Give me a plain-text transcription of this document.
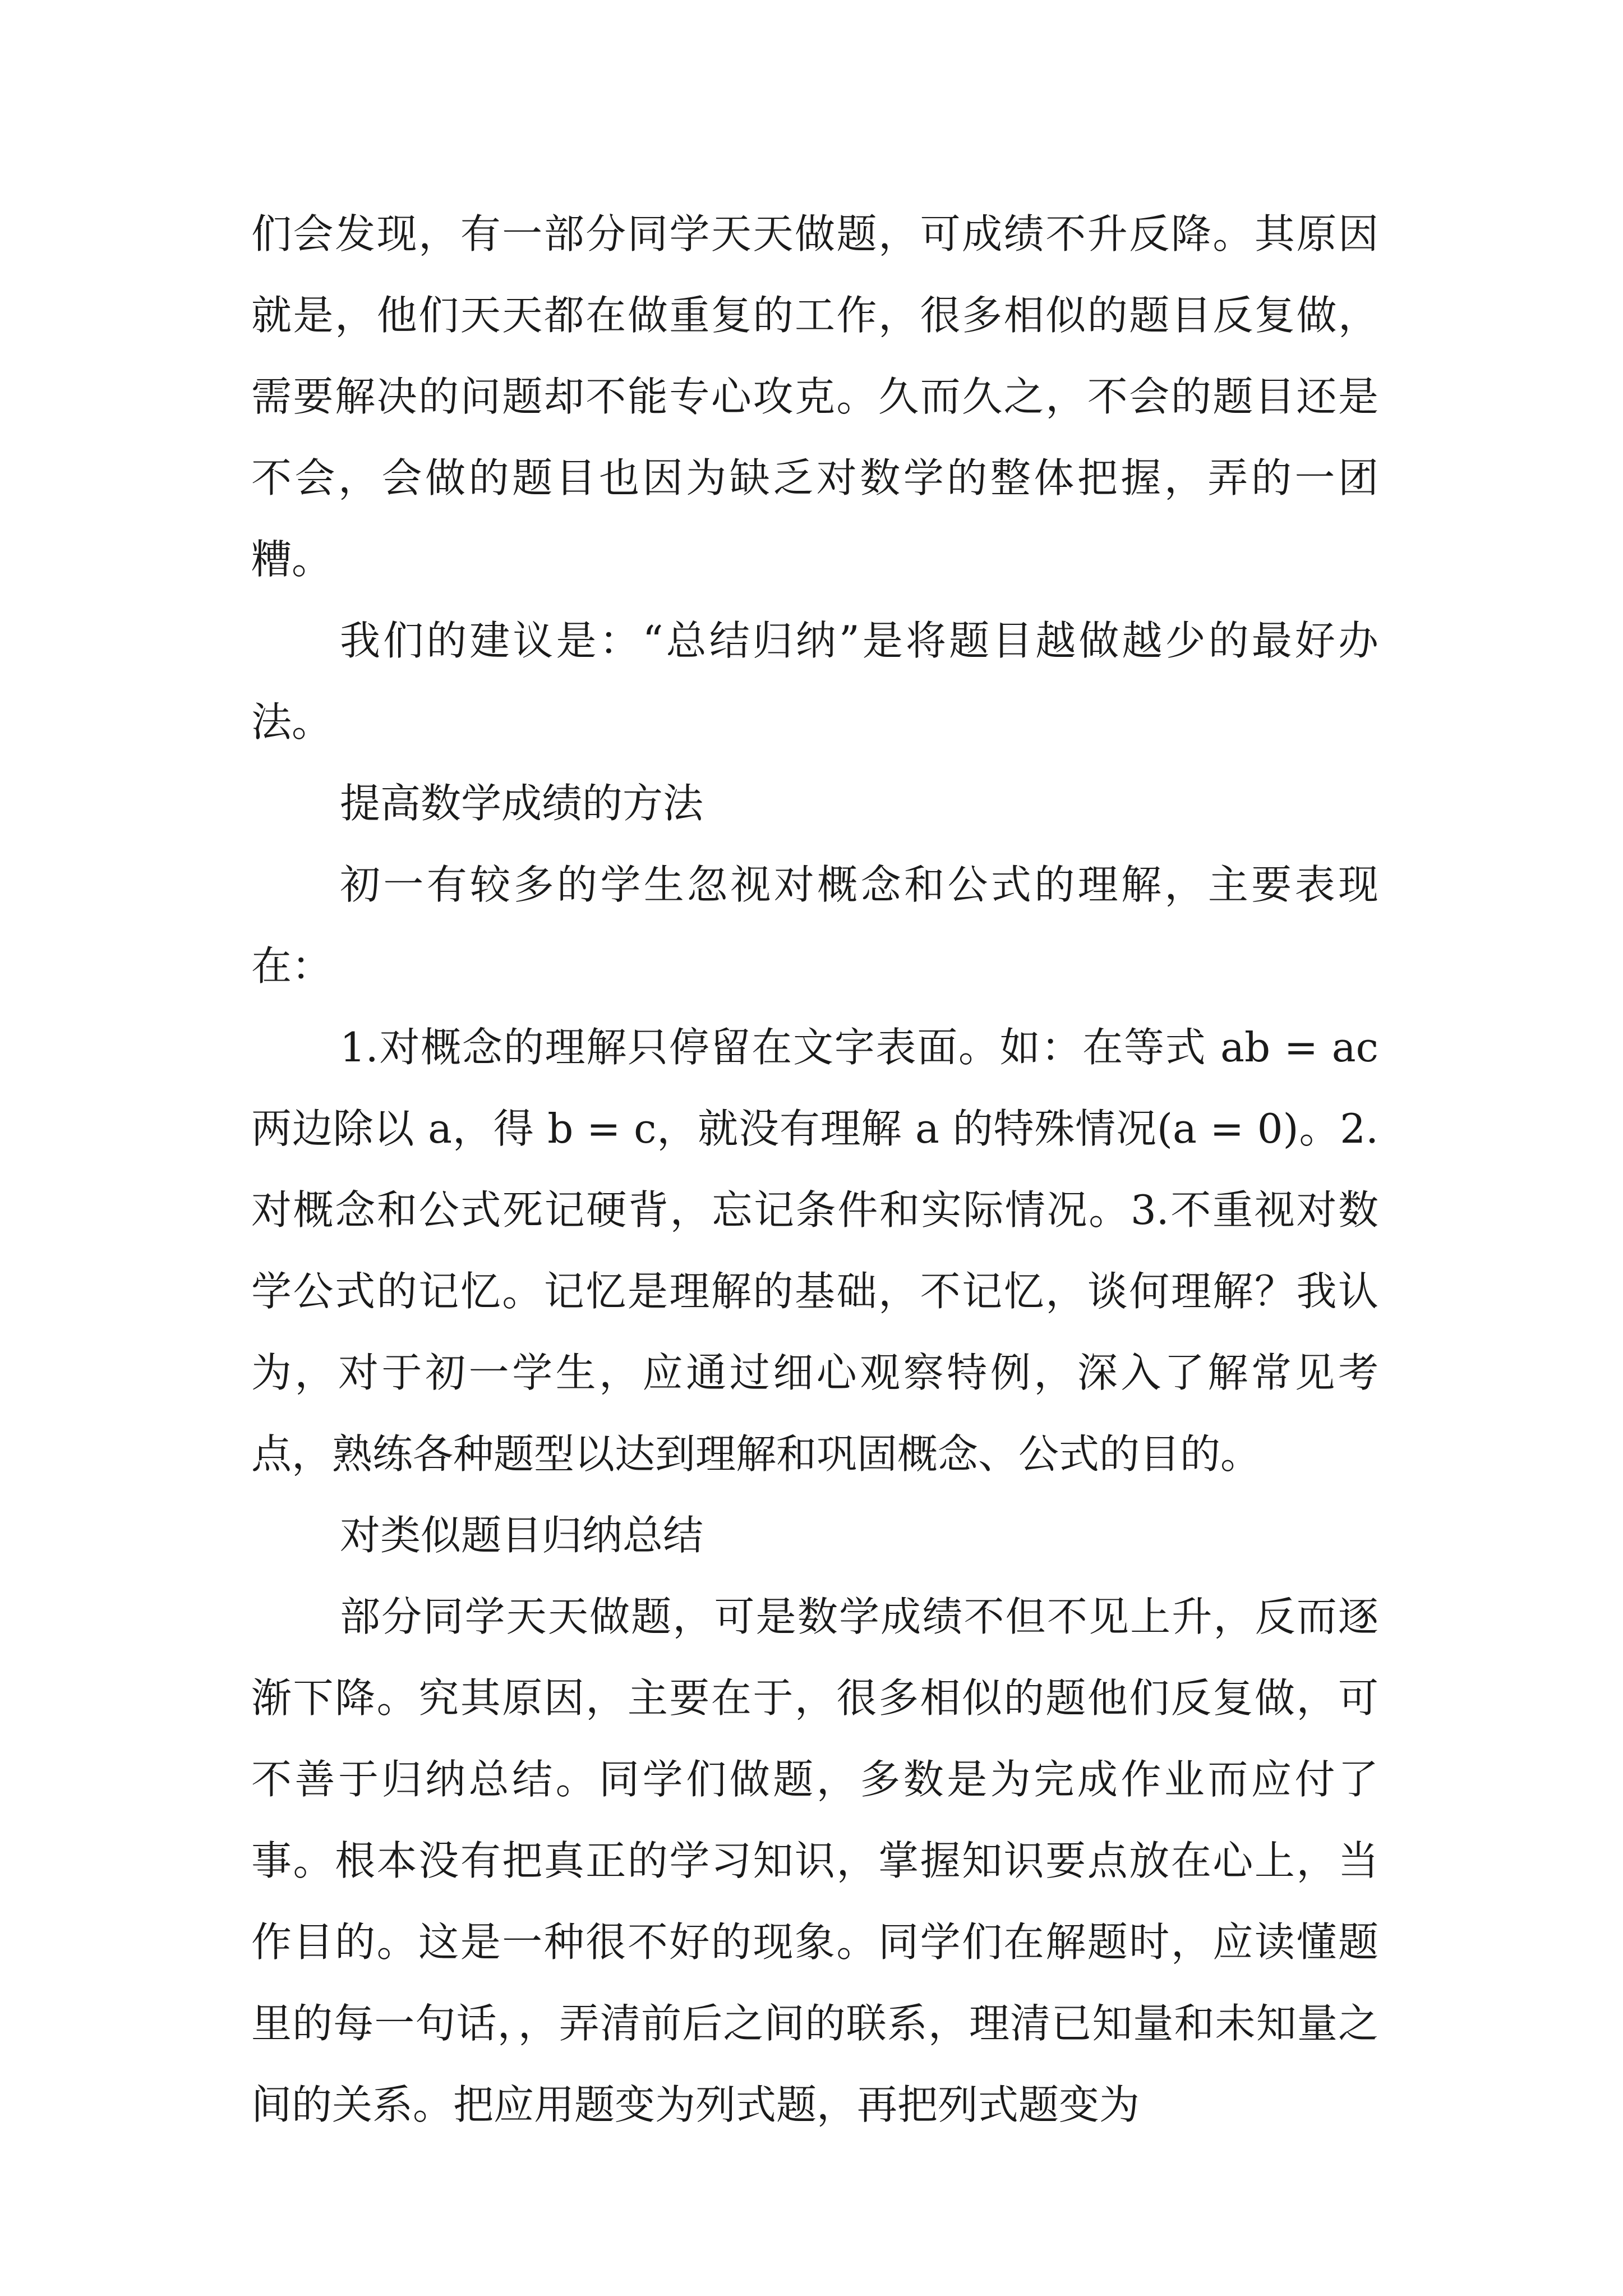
们会发现，有一部分同学天天做题，可成绩不升反降。其原因就是，他们天天都在做重复的工作，很多相似的题目反复做，需要解决的问题却不能专心攻克。久而久之，不会的题目还是不会，会做的题目也因为缺乏对数学的整体把握，弄的一团糟。

我们的建议是：“总结归纳”是将题目越做越少的最好办法。

提高数学成绩的方法

初一有较多的学生忽视对概念和公式的理解，主要表现在：

1.对概念的理解只停留在文字表面。如：在等式 ab = ac 两边除以 a，得 b = c，就没有理解 a 的特殊情况(a = 0)。2.对概念和公式死记硬背，忘记条件和实际情况。3.不重视对数学公式的记忆。记忆是理解的基础，不记忆，谈何理解？我认为，对于初一学生，应通过细心观察特例，深入了解常见考点，熟练各种题型以达到理解和巩固概念、公式的目的。

对类似题目归纳总结

部分同学天天做题，可是数学成绩不但不见上升，反而逐渐下降。究其原因，主要在于，很多相似的题他们反复做，可不善于归纳总结。同学们做题，多数是为完成作业而应付了事。根本没有把真正的学习知识，掌握知识要点放在心上，当作目的。这是一种很不好的现象。同学们在解题时，应读懂题里的每一句话，，弄清前后之间的联系，理清已知量和未知量之间的关系。把应用题变为列式题，再把列式题变为
